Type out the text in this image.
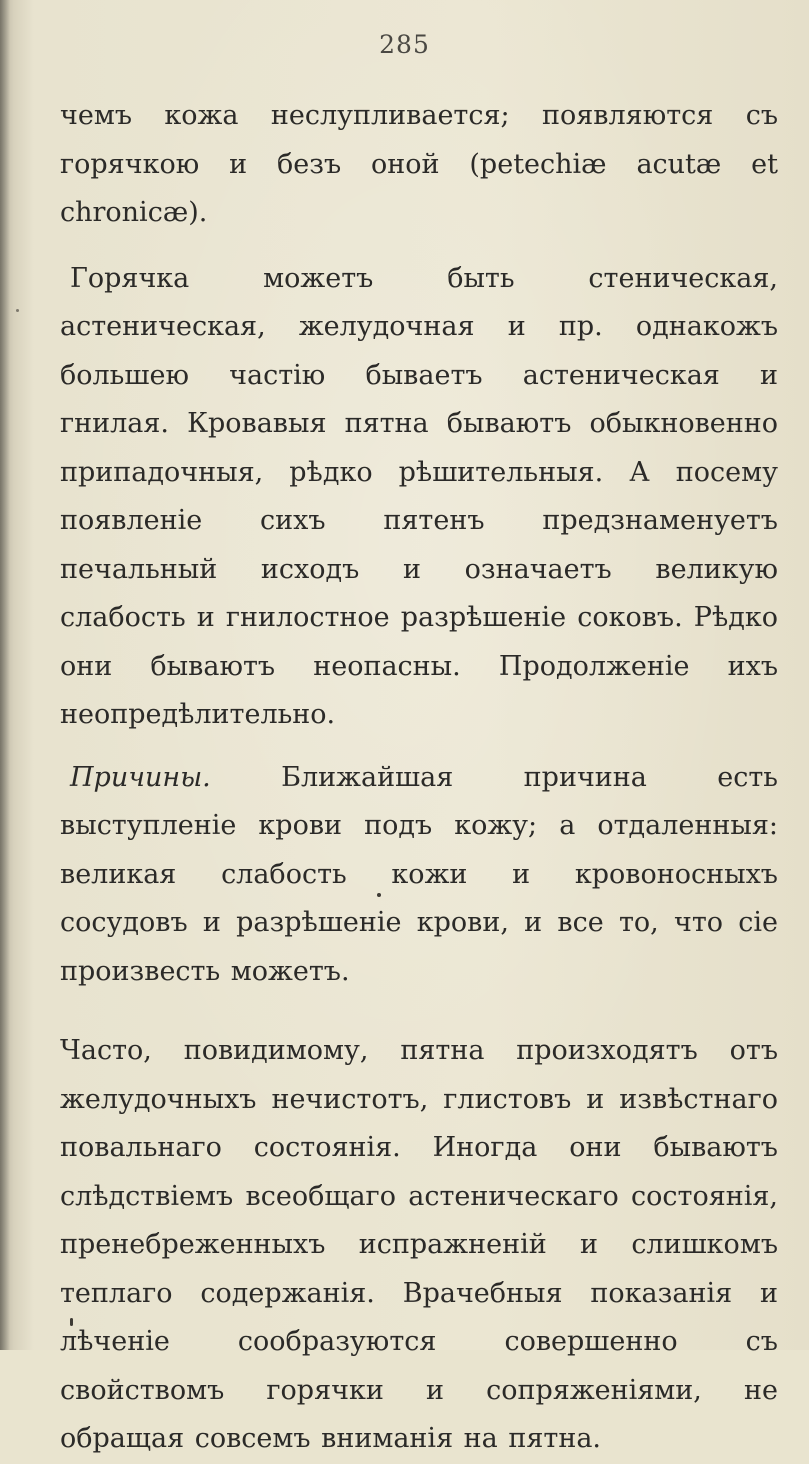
285

чемъ кожа неслупливается; появляются съ горячкою и безъ оной (petechiæ acutæ et chronicæ).

Горячка можетъ быть стеническая, астеническая, желудочная и пр. однакожъ большею частію бываетъ астеническая и гнилая. Кровавыя пятна бываютъ обыкновенно припадочныя, рѣдко рѣшительныя. А посему появленіе сихъ пятенъ предзнаменуетъ печальный исходъ и означаетъ великую слабость и гнилостное разрѣшеніе соковъ. Рѣдко они бываютъ неопасны. Продолженіе ихъ неопредѣлительно.

Причины. Ближайшая причина есть выступленіе крови подъ кожу; а отдаленныя: великая слабость кожи и кровоносныхъ сосудовъ и разрѣшеніе крови, и все то, что сіе произвесть можетъ.

Часто, повидимому, пятна произходятъ отъ желудочныхъ нечистотъ, глистовъ и извѣстнаго повальнаго состоянія. Иногда они бываютъ слѣдствіемъ всеобщаго астеническаго состоянія, пренебреженныхъ испражненій и слишкомъ теплаго содержанія. Врачебныя показанія и лѣченіе сообразуются совершенно съ свойствомъ горячки и сопряженіями, не обращая совсемъ вниманія на пятна.
